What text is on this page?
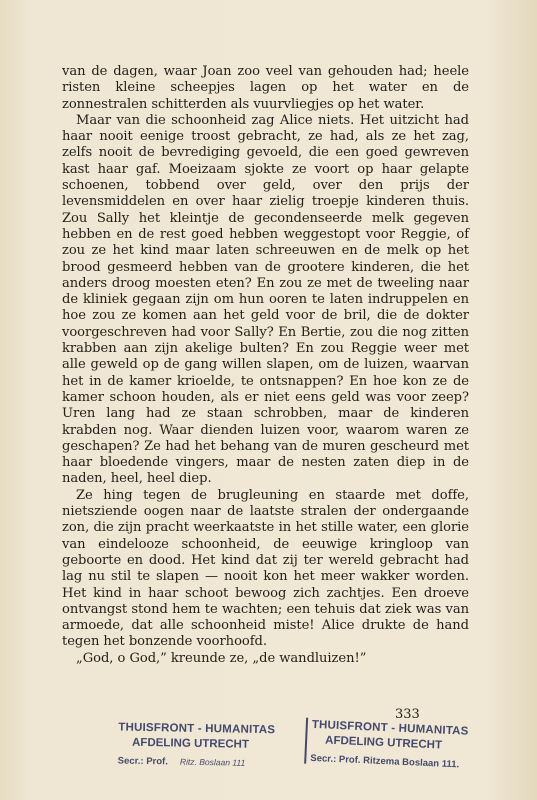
van de dagen, waar Joan zoo veel van gehouden had; heele risten kleine scheepjes lagen op het water en de zonnestralen schitterden als vuurvliegjes op het water.

Maar van die schoonheid zag Alice niets. Het uitzicht had haar nooit eenige troost gebracht, ze had, als ze het zag, zelfs nooit de bevrediging gevoeld, die een goed gewreven kast haar gaf. Moeizaam sjokte ze voort op haar gelapte schoenen, tobbend over geld, over den prijs der levensmiddelen en over haar zielig troepje kinderen thuis. Zou Sally het kleintje de gecondenseerde melk gegeven hebben en de rest goed hebben weggestopt voor Reggie, of zou ze het kind maar laten schreeuwen en de melk op het brood gesmeerd hebben van de grootere kinderen, die het anders droog moesten eten? En zou ze met de tweeling naar de kliniek gegaan zijn om hun ooren te laten indruppelen en hoe zou ze komen aan het geld voor de bril, die de dokter voorgeschreven had voor Sally? En Bertie, zou die nog zitten krabben aan zijn akelige bulten? En zou Reggie weer met alle geweld op de gang willen slapen, om de luizen, waarvan het in de kamer krioelde, te ontsnappen? En hoe kon ze de kamer schoon houden, als er niet eens geld was voor zeep? Uren lang had ze staan schrobben, maar de kinderen krabden nog. Waar dienden luizen voor, waarom waren ze geschapen? Ze had het behang van de muren gescheurd met haar bloedende vingers, maar de nesten zaten diep in de naden, heel, heel diep.

Ze hing tegen de brugleuning en staarde met doffe, nietsziende oogen naar de laatste stralen der ondergaande zon, die zijn pracht weerkaatste in het stille water, een glorie van eindelooze schoonheid, de eeuwige kringloop van geboorte en dood. Het kind dat zij ter wereld gebracht had lag nu stil te slapen — nooit kon het meer wakker worden. Het kind in haar schoot bewoog zich zachtjes. Een droeve ontvangst stond hem te wachten; een tehuis dat ziek was van armoede, dat alle schoonheid miste! Alice drukte de hand tegen het bonzende voorhoofd.

„God, o God,” kreunde ze, „de wandluizen!”

333
THUISFRONT - HUMANITAS
AFDELING UTRECHT
Secr.: Prof. Ritz. Boslaan 111
THUISFRONT - HUMANITAS
AFDELING UTRECHT
Secr.: Prof. Ritzema Boslaan 111.
